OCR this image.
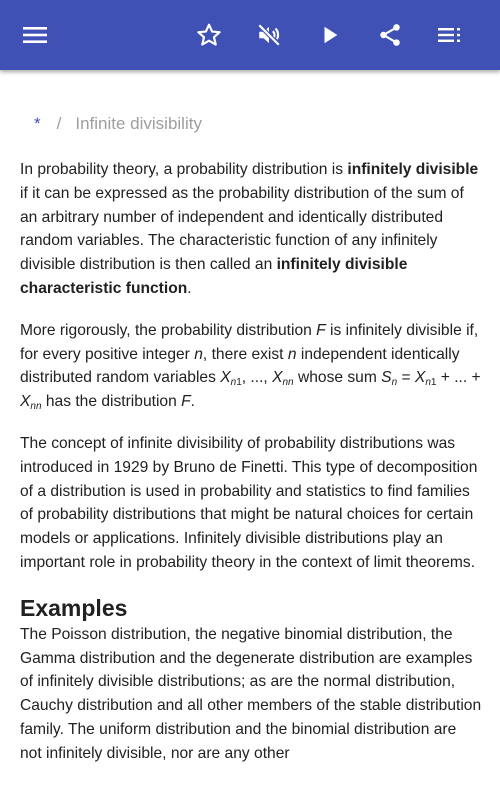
* / Infinite divisibility

In probability theory, a probability distribution is infinitely divisible if it can be expressed as the probability distribution of the sum of an arbitrary number of independent and identically distributed random variables. The characteristic function of any infinitely divisible distribution is then called an infinitely divisible characteristic function.

More rigorously, the probability distribution F is infinitely divisible if, for every positive integer n, there exist n independent identically distributed random variables $X_{n1}$, ..., $X_{nn}$ whose sum $S_n = X_{n1}$ + ... + $X_{nn}$ has the distribution F.

The concept of infinite divisibility of probability distributions was introduced in 1929 by Bruno de Finetti. This type of decomposition of a distribution is used in probability and statistics to find families of probability distributions that might be natural choices for certain models or applications. Infinitely divisible distributions play an important role in probability theory in the context of limit theorems.

Examples

The Poisson distribution, the negative binomial distribution, the Gamma distribution and the degenerate distribution are examples of infinitely divisible distributions; as are the normal distribution, Cauchy distribution and all other members of the stable distribution family. The uniform distribution and the binomial distribution are not infinitely divisible, nor are any other
